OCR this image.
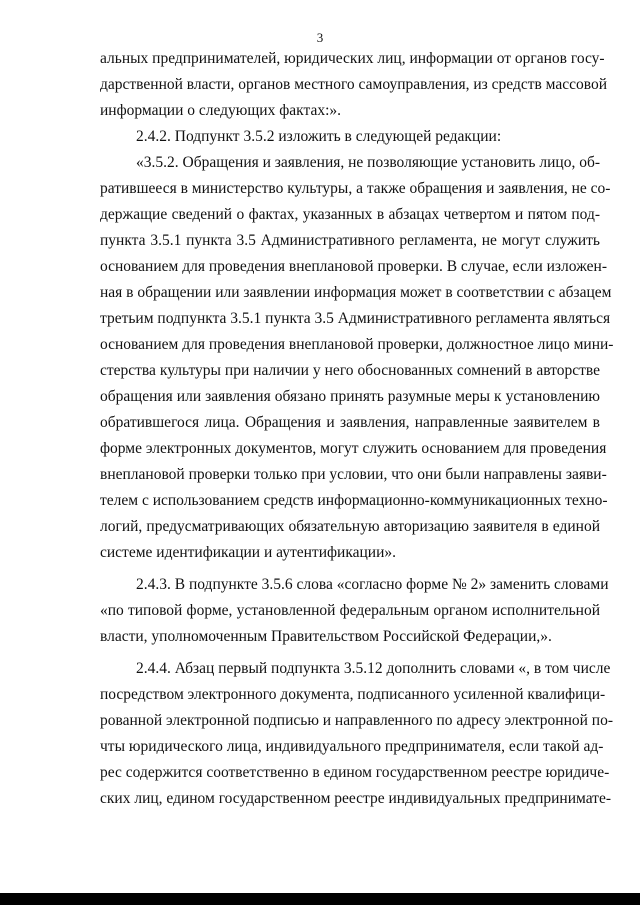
3
альных предпринимателей, юридических лиц, информации от органов госу-
дарственной власти, органов местного самоуправления, из средств массовой
информации о следующих фактах:».
2.4.2. Подпункт 3.5.2 изложить в следующей редакции:
«3.5.2. Обращения и заявления, не позволяющие установить лицо, об-
ратившееся в министерство культуры, а также обращения и заявления, не со-
держащие сведений о фактах, указанных в абзацах четвертом и пятом под-
пункта 3.5.1 пункта 3.5 Административного регламента, не могут служить
основанием для проведения внеплановой проверки. В случае, если изложен-
ная в обращении или заявлении информация может в соответствии с абзацем
третьим подпункта 3.5.1 пункта 3.5 Административного регламента являться
основанием для проведения внеплановой проверки, должностное лицо мини-
стерства культуры при наличии у него обоснованных сомнений в авторстве
обращения или заявления обязано принять разумные меры к установлению
обратившегося лица. Обращения и заявления, направленные заявителем в
форме электронных документов, могут служить основанием для проведения
внеплановой проверки только при условии, что они были направлены заяви-
телем с использованием средств информационно-коммуникационных техно-
логий, предусматривающих обязательную авторизацию заявителя в единой
системе идентификации и аутентификации».
2.4.3. В подпункте 3.5.6 слова «согласно форме № 2» заменить словами
«по типовой форме, установленной федеральным органом исполнительной
власти, уполномоченным Правительством Российской Федерации,».
2.4.4. Абзац первый подпункта 3.5.12 дополнить словами «, в том числе
посредством электронного документа, подписанного усиленной квалифици-
рованной электронной подписью и направленного по адресу электронной по-
чты юридического лица, индивидуального предпринимателя, если такой ад-
рес содержится соответственно в едином государственном реестре юридиче-
ских лиц, едином государственном реестре индивидуальных предпринимате-
